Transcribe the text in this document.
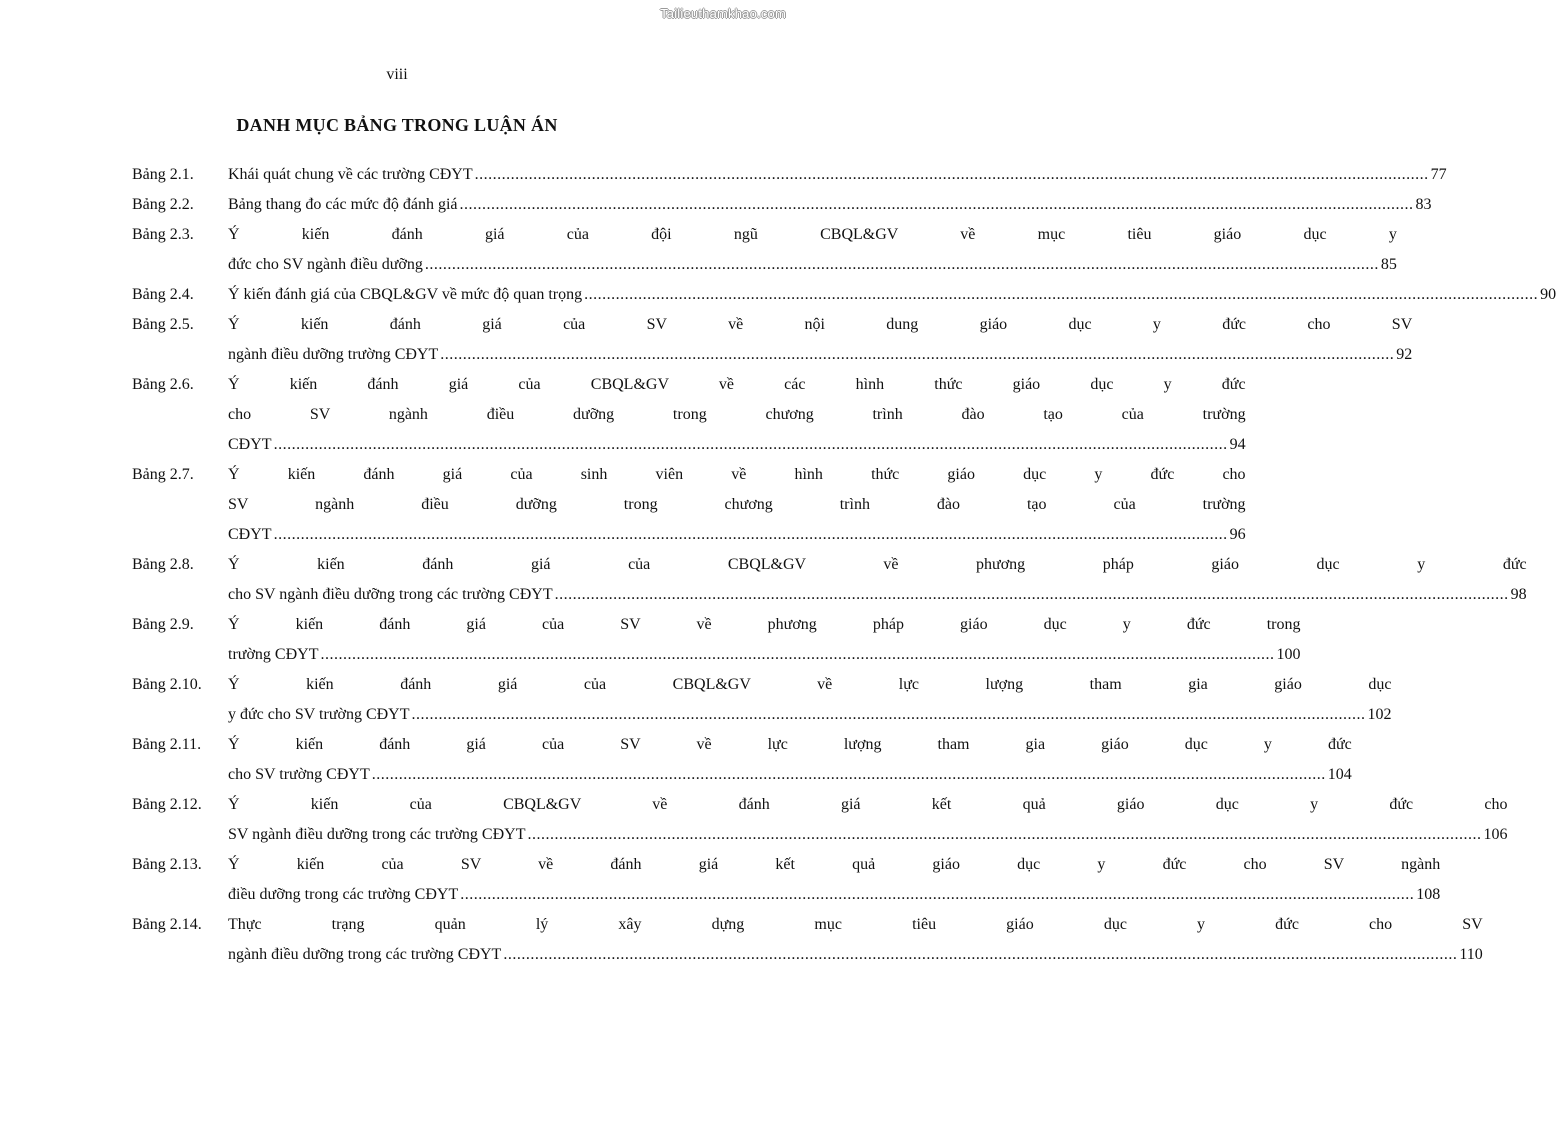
Tailieuthamkhao.com
viii
DANH MỤC BẢNG TRONG LUẬN ÁN
Bảng 2.1.	Khái quát chung về các trường CĐYT .....	77
Bảng 2.2.	Bảng thang đo các mức độ đánh giá .....	83
Bảng 2.3.	Ý kiến đánh giá của đội ngũ CBQL&GV về mục tiêu giáo dục y
đức cho SV ngành điều dưỡng .....	85
Bảng 2.4.	Ý kiến đánh giá của CBQL&GV về mức độ quan trọng .....	90
Bảng 2.5.	Ý kiến đánh giá của SV về nội dung giáo dục y đức cho SV
ngành điều dưỡng trường CĐYT .....	92
Bảng 2.6.	Ý kiến đánh giá của CBQL&GV về các hình thức giáo dục y đức
cho SV ngành điều dưỡng trong chương trình đào tạo của trường
CĐYT .....	94
Bảng 2.7.	Ý kiến đánh giá của sinh viên về hình thức giáo dục y đức cho
SV ngành điều dưỡng trong chương trình đào tạo của trường
CĐYT .....	96
Bảng 2.8.	Ý kiến đánh giá của CBQL&GV về phương pháp giáo dục y đức
cho SV ngành điều dưỡng trong các trường CĐYT .....	98
Bảng 2.9.	Ý kiến đánh giá của SV về phương pháp giáo dục y đức trong
trường CĐYT .....	100
Bảng 2.10.	Ý kiến đánh giá của CBQL&GV về lực lượng tham gia giáo dục
y đức cho SV trường CĐYT .....	102
Bảng 2.11.	Ý kiến đánh giá của SV về lực lượng tham gia giáo dục y đức
cho SV trường CĐYT .....	104
Bảng 2.12.	Ý kiến của CBQL&GV về đánh giá kết quả giáo dục y đức cho
SV ngành điều dưỡng trong các trường CĐYT .....	106
Bảng 2.13.	Ý kiến của SV về đánh giá kết quả giáo dục y đức cho SV ngành
điều dưỡng trong các trường CĐYT .....	108
Bảng 2.14.	Thực trạng quản lý xây dựng mục tiêu giáo dục y đức cho SV
ngành điều dưỡng trong các trường CĐYT .....	110
